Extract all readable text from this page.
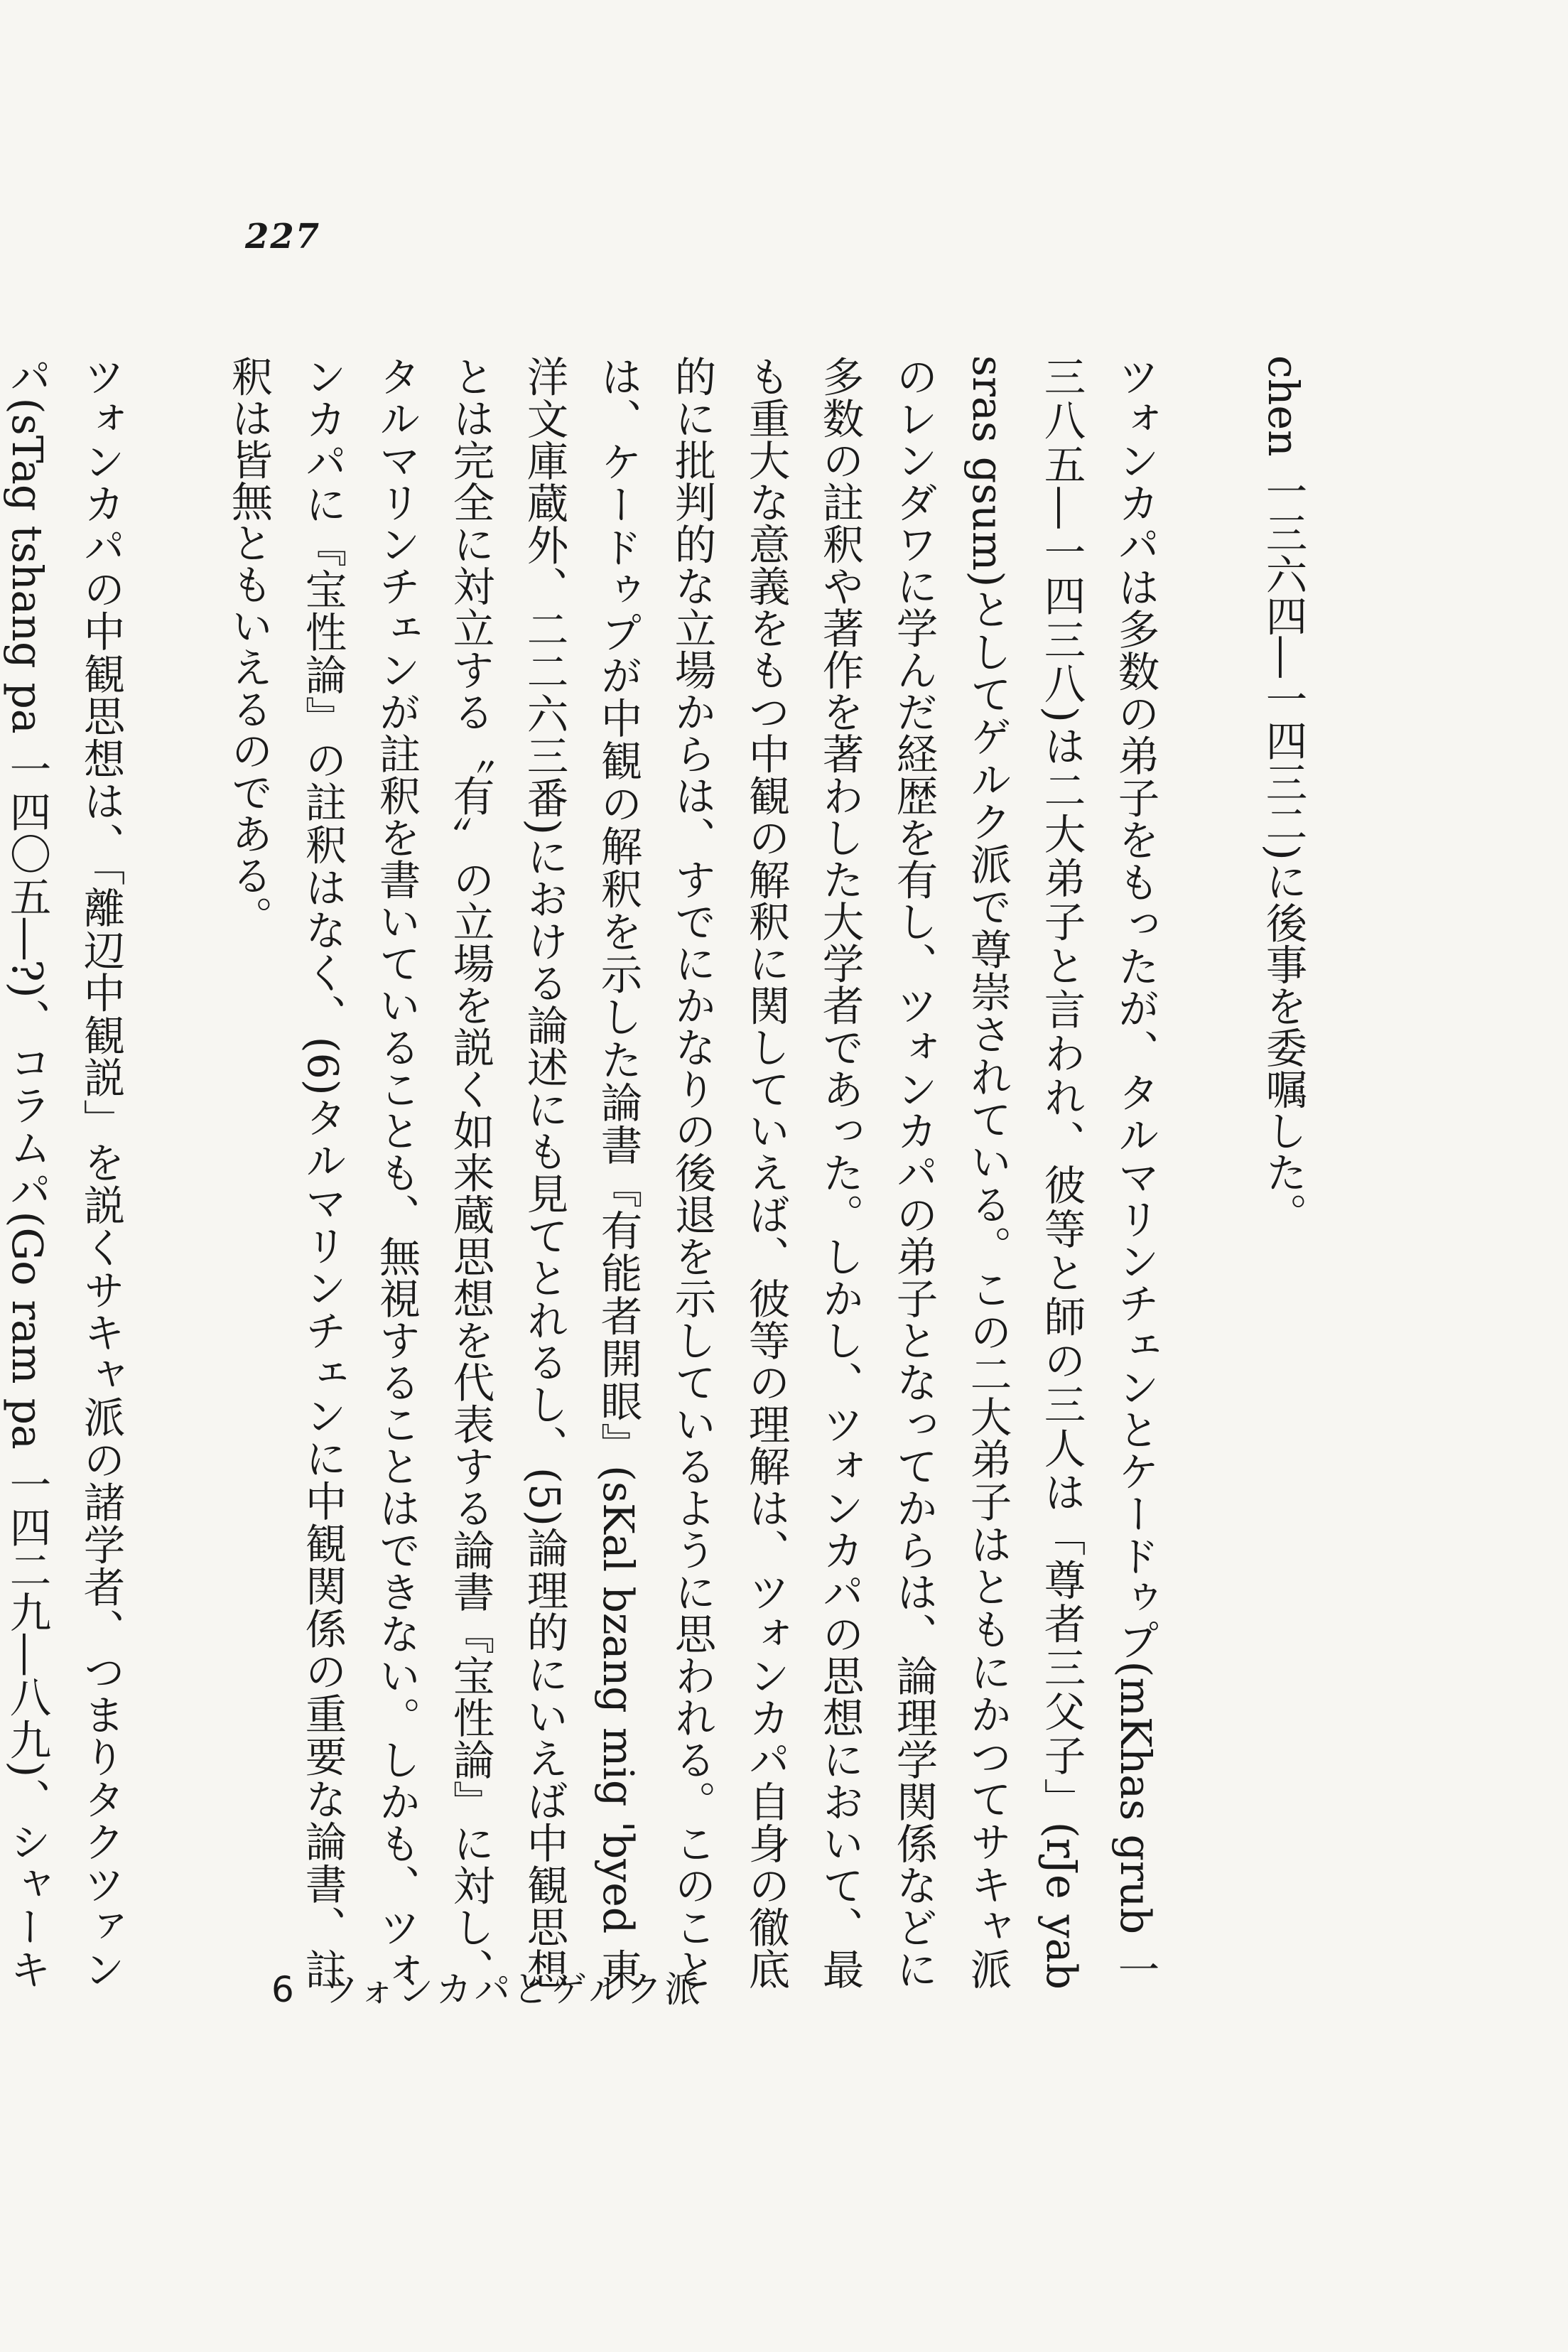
227

chen 一三六四―一四三二)に後事を委嘱した。

ツォンカパは多数の弟子をもったが、タルマリンチェンとケードゥプ(mKhas grub 一三八五―一四三八)は二大弟子と言われ、彼等と師の三人は「尊者三父子」(rJe yab sras gsum)としてゲルク派で尊崇されている。この二大弟子はともにかつてサキャ派のレンダワに学んだ経歴を有し、ツォンカパの弟子となってからは、論理学関係などに多数の註釈や著作を著わした大学者であった。しかし、ツォンカパの思想において、最も重大な意義をもつ中観の解釈に関していえば、彼等の理解は、ツォンカパ自身の徹底的に批判的な立場からは、すでにかなりの後退を示しているように思われる。このことは、ケードゥプが中観の解釈を示した論書『有能者開眼』(sKal bzang mig 'byed 東洋文庫蔵外、二二六三番)における論述にも見てとれるし、(5)論理的にいえば中観思想とは完全に対立する〝有〟の立場を説く如来蔵思想を代表する論書『宝性論』に対し、タルマリンチェンが註釈を書いていることも、無視することはできない。しかも、ツォンカパに『宝性論』の註釈はなく、(6)タルマリンチェンに中観関係の重要な論書、註釈は皆無ともいえるのである。

ツォンカパの中観思想は、「離辺中観説」を説くサキャ派の諸学者、つまりタクツァンパ(sTag tshang pa 一四〇五―?)、コラムパ(Go ram pa 一四二九―八九)、シャーキ	6 ツォンカパとゲルク派
